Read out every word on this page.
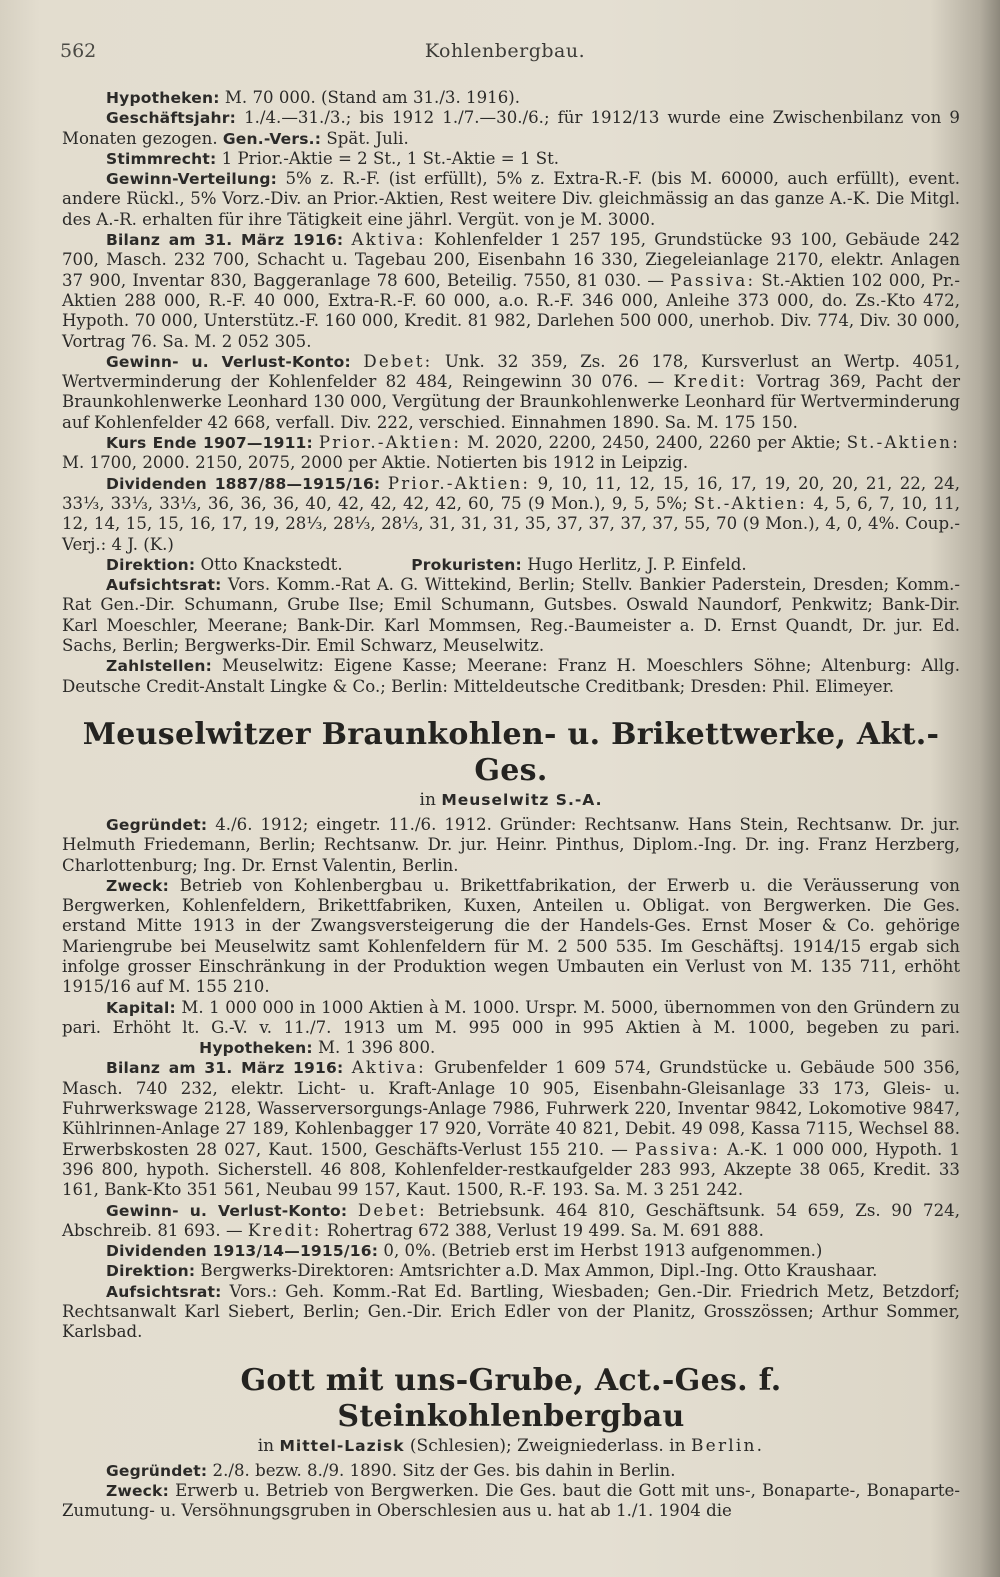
562	Kohlenbergbau.

Hypotheken: M. 70 000. (Stand am 31./3. 1916).

Geschäftsjahr: 1./4.—31./3.; bis 1912 1./7.—30./6.; für 1912/13 wurde eine Zwischenbilanz von 9 Monaten gezogen. Gen.-Vers.: Spät. Juli.

Stimmrecht: 1 Prior.-Aktie = 2 St., 1 St.-Aktie = 1 St.

Gewinn-Verteilung: 5% z. R.-F. (ist erfüllt), 5% z. Extra-R.-F. (bis M. 60000, auch erfüllt), event. andere Rückl., 5% Vorz.-Div. an Prior.-Aktien, Rest weitere Div. gleichmässig an das ganze A.-K. Die Mitgl. des A.-R. erhalten für ihre Tätigkeit eine jährl. Vergüt. von je M. 3000.

Bilanz am 31. März 1916: Aktiva: Kohlenfelder 1 257 195, Grundstücke 93 100, Gebäude 242 700, Masch. 232 700, Schacht u. Tagebau 200, Eisenbahn 16 330, Ziegeleianlage 2170, elektr. Anlagen 37 900, Inventar 830, Baggeranlage 78 600, Beteilig. 7550, 81 030. — Passiva: St.-Aktien 102 000, Pr.-Aktien 288 000, R.-F. 40 000, Extra-R.-F. 60 000, a.o. R.-F. 346 000, Anleihe 373 000, do. Zs.-Kto 472, Hypoth. 70 000, Unterstütz.-F. 160 000, Kredit. 81 982, Darlehen 500 000, unerhob. Div. 774, Div. 30 000, Vortrag 76. Sa. M. 2 052 305.

Gewinn- u. Verlust-Konto: Debet: Unk. 32 359, Zs. 26 178, Kursverlust an Wertp. 4051, Wertverminderung der Kohlenfelder 82 484, Reingewinn 30 076. — Kredit: Vortrag 369, Pacht der Braunkohlenwerke Leonhard 130 000, Vergütung der Braunkohlenwerke Leonhard für Wertverminderung auf Kohlenfelder 42 668, verfall. Div. 222, verschied. Einnahmen 1890. Sa. M. 175 150.

Kurs Ende 1907—1911: Prior.-Aktien: M. 2020, 2200, 2450, 2400, 2260 per Aktie; St.-Aktien: M. 1700, 2000. 2150, 2075, 2000 per Aktie. Notierten bis 1912 in Leipzig.

Dividenden 1887/88—1915/16: Prior.-Aktien: 9, 10, 11, 12, 15, 16, 17, 19, 20, 20, 21, 22, 24, 33⅓, 33⅓, 33⅓, 36, 36, 36, 40, 42, 42, 42, 42, 60, 75 (9 Mon.), 9, 5, 5%; St.-Aktien: 4, 5, 6, 7, 10, 11, 12, 14, 15, 15, 16, 17, 19, 28⅓, 28⅓, 28⅓, 31, 31, 31, 35, 37, 37, 37, 37, 55, 70 (9 Mon.), 4, 0, 4%. Coup.-Verj.: 4 J. (K.)

Direktion: Otto Knackstedt.	Prokuristen: Hugo Herlitz, J. P. Einfeld.

Aufsichtsrat: Vors. Komm.-Rat A. G. Wittekind, Berlin; Stellv. Bankier Paderstein, Dresden; Komm.-Rat Gen.-Dir. Schumann, Grube Ilse; Emil Schumann, Gutsbes. Oswald Naundorf, Penkwitz; Bank-Dir. Karl Moeschler, Meerane; Bank-Dir. Karl Mommsen, Reg.-Baumeister a. D. Ernst Quandt, Dr. jur. Ed. Sachs, Berlin; Bergwerks-Dir. Emil Schwarz, Meuselwitz.

Zahlstellen: Meuselwitz: Eigene Kasse; Meerane: Franz H. Moeschlers Söhne; Altenburg: Allg. Deutsche Credit-Anstalt Lingke & Co.; Berlin: Mitteldeutsche Creditbank; Dresden: Phil. Elimeyer.

Meuselwitzer Braunkohlen- u. Brikettwerke, Akt.-Ges.

in Meuselwitz S.-A.

Gegründet: 4./6. 1912; eingetr. 11./6. 1912. Gründer: Rechtsanw. Hans Stein, Rechtsanw. Dr. jur. Helmuth Friedemann, Berlin; Rechtsanw. Dr. jur. Heinr. Pinthus, Diplom.-Ing. Dr. ing. Franz Herzberg, Charlottenburg; Ing. Dr. Ernst Valentin, Berlin.

Zweck: Betrieb von Kohlenbergbau u. Brikettfabrikation, der Erwerb u. die Veräusserung von Bergwerken, Kohlenfeldern, Brikettfabriken, Kuxen, Anteilen u. Obligat. von Bergwerken. Die Ges. erstand Mitte 1913 in der Zwangsversteigerung die der Handels-Ges. Ernst Moser & Co. gehörige Mariengrube bei Meuselwitz samt Kohlenfeldern für M. 2 500 535. Im Geschäftsj. 1914/15 ergab sich infolge grosser Einschränkung in der Produktion wegen Umbauten ein Verlust von M. 135 711, erhöht 1915/16 auf M. 155 210.

Kapital: M. 1 000 000 in 1000 Aktien à M. 1000. Urspr. M. 5000, übernommen von den Gründern zu pari. Erhöht lt. G.-V. v. 11./7. 1913 um M. 995 000 in 995 Aktien à M. 1000, begeben zu pari.                           Hypotheken: M. 1 396 800.

Bilanz am 31. März 1916: Aktiva: Grubenfelder 1 609 574, Grundstücke u. Gebäude 500 356, Masch. 740 232, elektr. Licht- u. Kraft-Anlage 10 905, Eisenbahn-Gleisanlage 33 173, Gleis- u. Fuhrwerkswage 2128, Wasserversorgungs-Anlage 7986, Fuhrwerk 220, Inventar 9842, Lokomotive 9847, Kühlrinnen-Anlage 27 189, Kohlenbagger 17 920, Vorräte 40 821, Debit. 49 098, Kassa 7115, Wechsel 88. Erwerbskosten 28 027, Kaut. 1500, Geschäfts-Verlust 155 210. — Passiva: A.-K. 1 000 000, Hypoth. 1 396 800, hypoth. Sicherstell. 46 808, Kohlenfelder-restkaufgelder 283 993, Akzepte 38 065, Kredit. 33 161, Bank-Kto 351 561, Neubau 99 157, Kaut. 1500, R.-F. 193. Sa. M. 3 251 242.

Gewinn- u. Verlust-Konto: Debet: Betriebsunk. 464 810, Geschäftsunk. 54 659, Zs. 90 724, Abschreib. 81 693. — Kredit: Rohertrag 672 388, Verlust 19 499. Sa. M. 691 888.

Dividenden 1913/14—1915/16: 0, 0%. (Betrieb erst im Herbst 1913 aufgenommen.)

Direktion: Bergwerks-Direktoren: Amtsrichter a.D. Max Ammon, Dipl.-Ing. Otto Kraushaar.

Aufsichtsrat: Vors.: Geh. Komm.-Rat Ed. Bartling, Wiesbaden; Gen.-Dir. Friedrich Metz, Betzdorf; Rechtsanwalt Karl Siebert, Berlin; Gen.-Dir. Erich Edler von der Planitz, Grosszössen; Arthur Sommer, Karlsbad.

Gott mit uns-Grube, Act.-Ges. f. Steinkohlenbergbau

in Mittel-Lazisk (Schlesien); Zweigniederlass. in Berlin.

Gegründet: 2./8. bezw. 8./9. 1890. Sitz der Ges. bis dahin in Berlin.

Zweck: Erwerb u. Betrieb von Bergwerken. Die Ges. baut die Gott mit uns-, Bonaparte-, Bonaparte-Zumutung- u. Versöhnungsgruben in Oberschlesien aus u. hat ab 1./1. 1904 die
